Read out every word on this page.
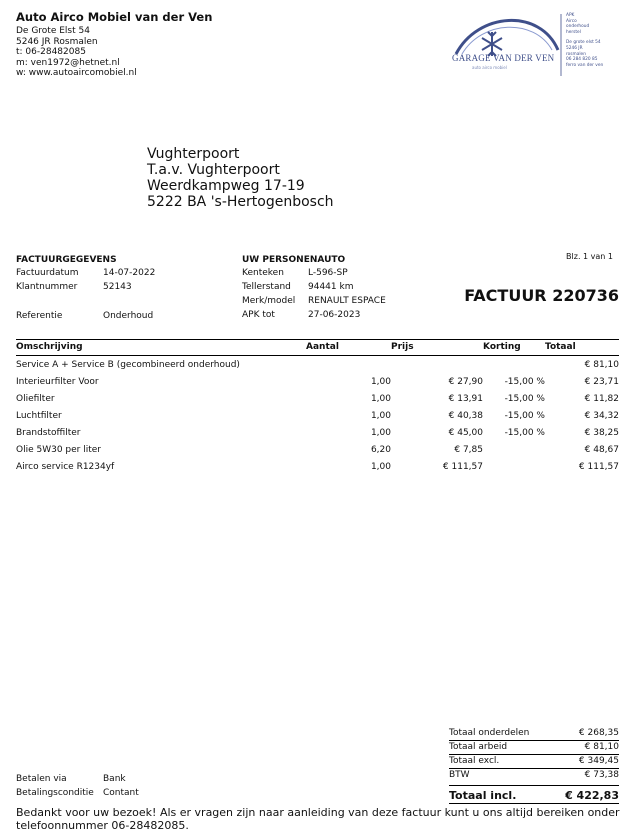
Auto Airco Mobiel van der Ven
De Grote Elst 54
5246 JR Rosmalen
t: 06-28482085
m: ven1972@hetnet.nl
w: www.autoaircomobiel.nl
GARAGE VAN DER VEN
auto airco mobiel
APK
Airco
onderhoud
herstel
De grote elst 54
5246 JR
rosmalen
06 284 820 85
ferro van der ven
Vughterpoort
T.a.v. Vughterpoort
Weerdkampweg 17-19
5222 BA 's-Hertogenbosch
FACTUURGEGEVENS
Factuurdatum	14-07-2022
Klantnummer	52143
Referentie	Onderhoud
UW PERSONENAUTO
Kenteken	L-596-SP
Tellerstand 94441 km
Merk/model RENAULT ESPACE
APK tot	27-06-2023
Blz. 1 van 1
FACTUUR 220736
Omschrijving	Aantal	Prijs	Korting	Totaal
Service A + Service B (gecombineerd onderhoud)				€ 81,10
Interieurfilter Voor	1,00	€ 27,90	-15,00 %	€ 23,71
Oliefilter	1,00	€ 13,91	-15,00 %	€ 11,82
Luchtfilter	1,00	€ 40,38	-15,00 %	€ 34,32
Brandstoffilter	1,00	€ 45,00	-15,00 %	€ 38,25
Olie 5W30 per liter	6,20	€ 7,85		€ 48,67
Airco service R1234yf	1,00	€ 111,57		€ 111,57
Totaal onderdelen	€ 268,35
Totaal arbeid	€ 81,10
Totaal excl.	€ 349,45
BTW	€ 73,38
Totaal incl.	€ 422,83
Betalen via	Bank
Betalingsconditie Contant
Bedankt voor uw bezoek! Als er vragen zijn naar aanleiding van deze factuur kunt u ons altijd bereiken onder
telefoonnummer 06-28482085.
